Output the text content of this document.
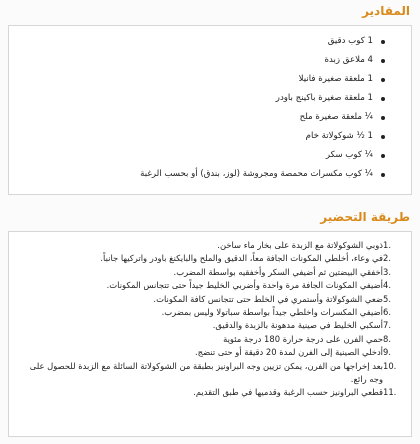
المقادير
1 كوب دقيق
4 ملاعق زبدة
1 ملعقة صغيرة فانيلا
1 ملعقة صغيرة باكينج باودر
¼ ملعقة صغيرة ملح
1 ½ شوكولاتة خام
¼ كوب سكر
¼ كوب مكسرات محمصة ومجروشة (لوز، بندق) أو بحسب الرغبة
طريقة التحضير
1.
ذوبي الشوكولاتة مع الزبدة على بخار ماء ساخن.
2.
في وعاء، أخلطي المكونات الجافة معاً، الدقيق والملح والبايكنغ باودر واتركيها جانباً.
3.
أخفقي البيضتين ثم أضيفي السكر وأخفقيه بواسطة المضرب.
4.
أضيفي المكونات الجافة مرة واحدة وأضربي الخليط جيداً حتى تتجانس المكونات.
5.
ضعي الشوكولاتة وأستمري في الخلط حتى تتجانس كافة المكونات.
6.
أضيفي المكسرات واخلطي جيداً بواسطة سباتولا وليس بمضرب.
7.
أسكبي الخليط في صينية مدهونة بالزبدة والدقيق.
8.
حمي الفرن على درجة حرارة 180 درجة مئوية
9.
أدخلي الصينية إلى الفرن لمدة 20 دقيقة أو حتى تنضج.
10.
بعد إخراجها من الفرن، يمكن تزيين وجه البراونيز بطبقة من الشوكولاتة السائلة مع الزبدة للحصول على وجه رائع.
11.
قطعي البراونيز حسب الرغبة وقدميها في طبق التقديم.
